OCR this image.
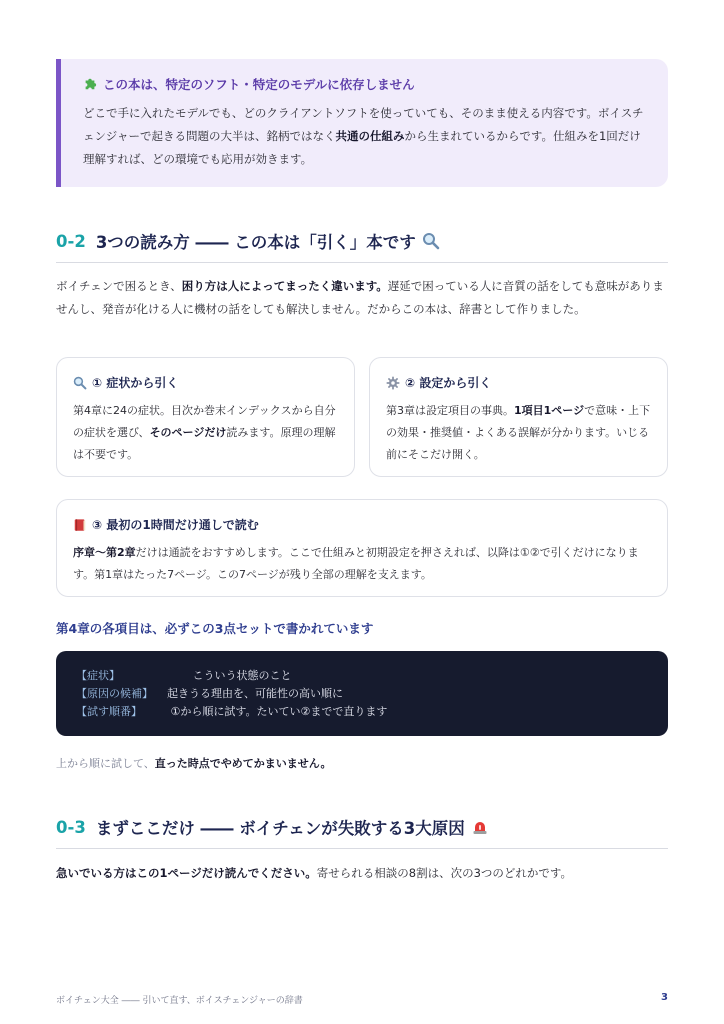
この本は、特定のソフト・特定のモデルに依存しません
どこで手に入れたモデルでも、どのクライアントソフトを使っていても、そのまま使える内容です。ボイスチェンジャーで起きる問題の大半は、銘柄ではなく共通の仕組みから生まれているからです。仕組みを1回だけ理解すれば、どの環境でも応用が効きます。
0-2 3つの読み方 ―― この本は「引く」本です
ボイチェンで困るとき、困り方は人によってまったく違います。遅延で困っている人に音質の話をしても意味がありませんし、発音が化ける人に機材の話をしても解決しません。だからこの本は、辞書として作りました。
① 症状から引く
第4章に24の症状。目次か巻末インデックスから自分の症状を選び、そのページだけ読みます。原理の理解は不要です。
② 設定から引く
第3章は設定項目の事典。1項目1ページで意味・上下の効果・推奨値・よくある誤解が分かります。いじる前にそこだけ開く。
③ 最初の1時間だけ通しで読む
序章〜第2章だけは通読をおすすめします。ここで仕組みと初期設定を押さえれば、以降は①②で引くだけになります。第1章はたった7ページ。この7ページが残り全部の理解を支えます。
第4章の各項目は、必ずこの3点セットで書かれています
【症状】	　　　 こういう状態のこと
【原因の候補】 　起きうる理由を、可能性の高い順に
【試す順番】	　 ①から順に試す。たいてい②までで直ります
上から順に試して、直った時点でやめてかまいません。
0-3 まずここだけ ―― ボイチェンが失敗する3大原因
急いでいる方はこの1ページだけ読んでください。寄せられる相談の8割は、次の3つのどれかです。
ボイチェン大全 ―― 引いて直す、ボイスチェンジャーの辞書	3
